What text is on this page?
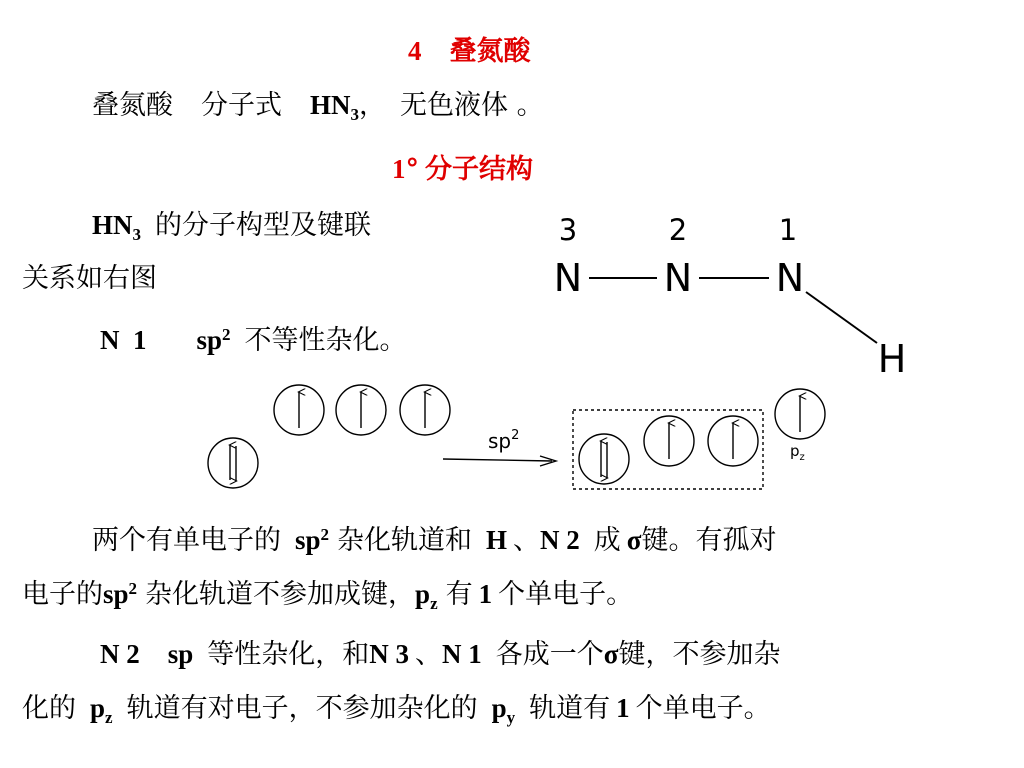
4 叠氮酸
叠氮酸 分子式 $HN_3$， 无色液体 。
1° 分子结构
$HN_3$ 的分子构型及键联
关系如右图
N  1 $sp^2$ 不等性杂化。
3	2	1
N N N
H
$sp^2$
$p_z$
两个有单电子的 $sp^2$ 杂化轨道和 H 、N 2 成 σ键。有孤对
电子的$sp^2$ 杂化轨道不参加成键，$p_z$ 有 1 个单电子。
N 2 sp 等性杂化，和N 3 、N 1 各成一个σ键，不参加杂
化的 $p_z$ 轨道有对电子，不参加杂化的 $p_y$ 轨道有 1 个单电子。
